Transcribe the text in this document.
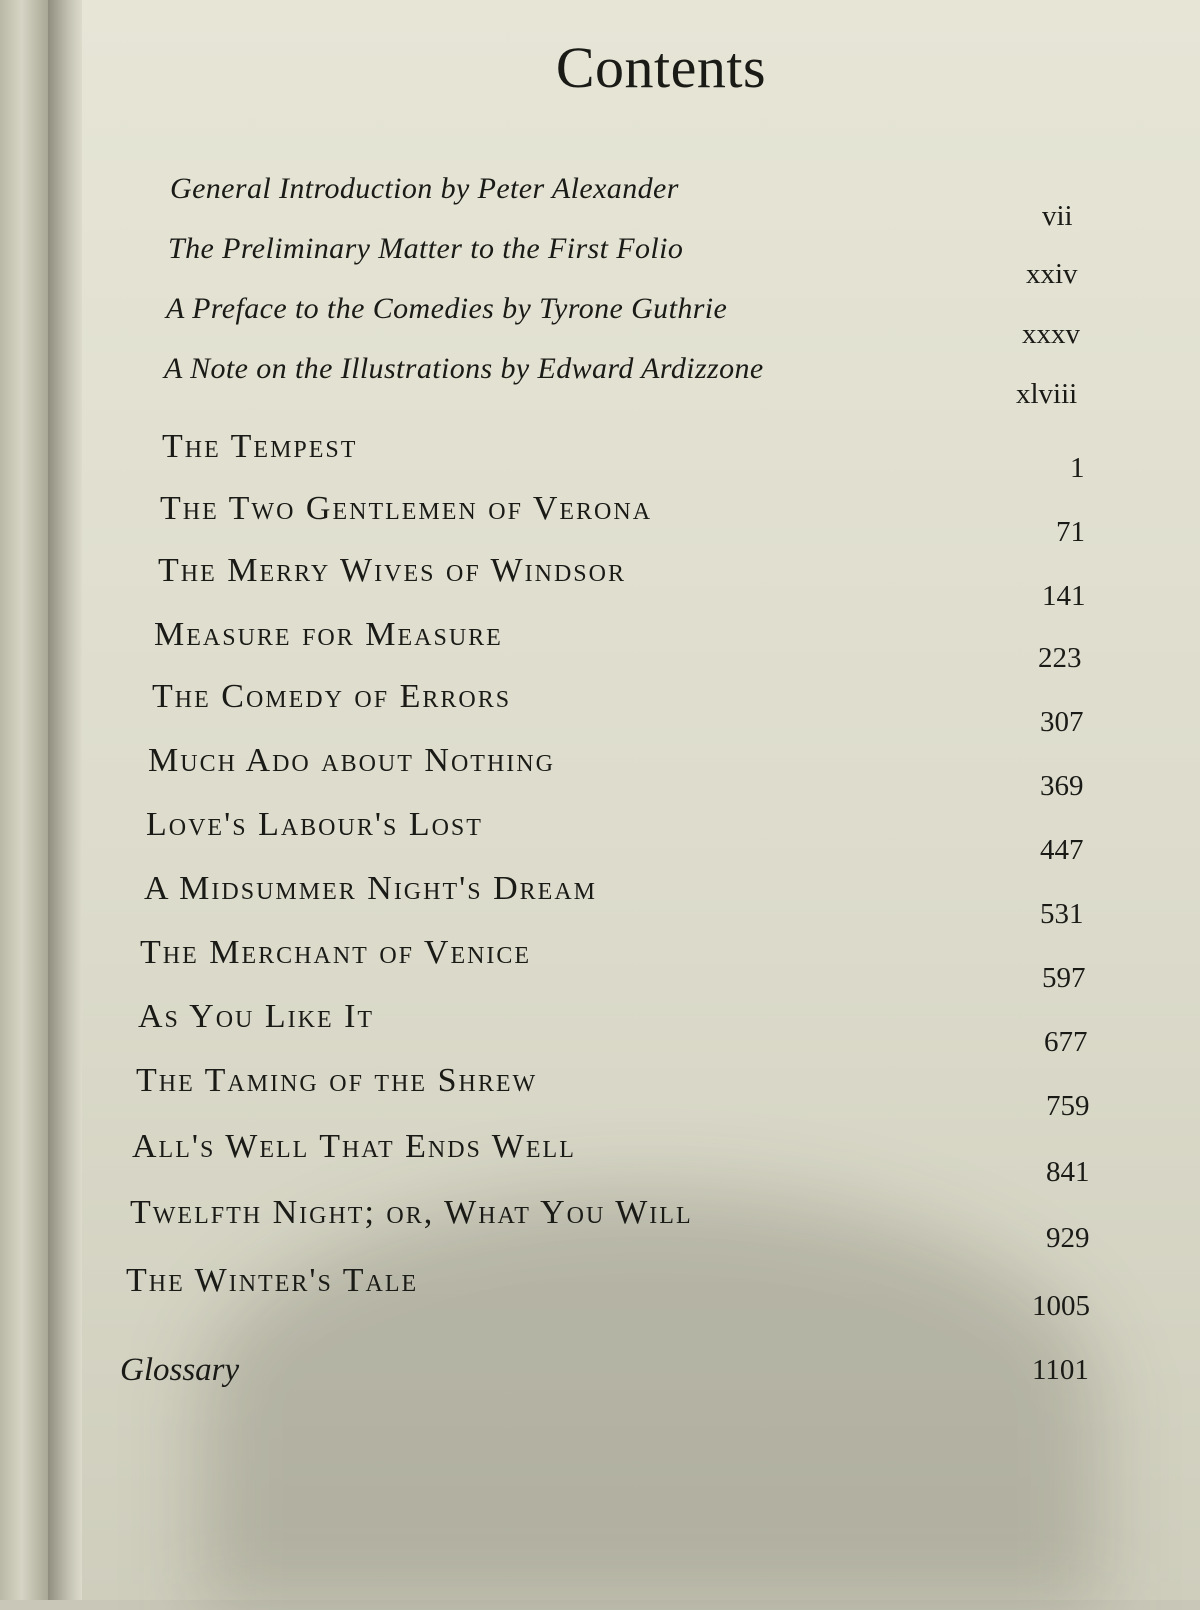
Contents
General Introduction by Peter Alexander
vii
The Preliminary Matter to the First Folio
xxiv
A Preface to the Comedies by Tyrone Guthrie
xxxv
A Note on the Illustrations by Edward Ardizzone
xlviii
The Tempest
1
The Two Gentlemen of Verona
71
The Merry Wives of Windsor
141
Measure for Measure
223
The Comedy of Errors
307
Much Ado about Nothing
369
Love's Labour's Lost
447
A Midsummer Night's Dream
531
The Merchant of Venice
597
As You Like It
677
The Taming of the Shrew
759
All's Well That Ends Well
841
Twelfth Night; or, What You Will
929
The Winter's Tale
1005
Glossary	1101
